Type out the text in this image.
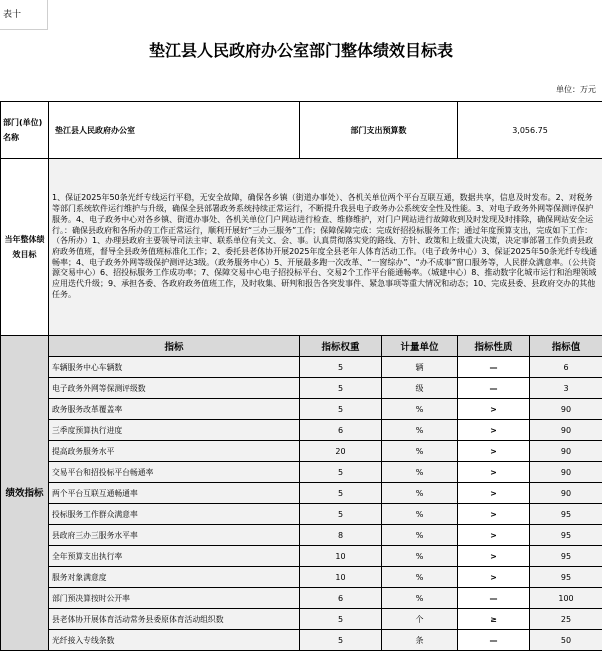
表十
垫江县人民政府办公室部门整体绩效目标表
单位：万元
部门(单位)名称	垫江县人民政府办公室	部门支出预算数		3,056.75	
当年整体绩效目标	1、保证2025年50条光纤专线运行平稳，无安全故障，确保各乡镇（街道办事处）、各机关单位两个平台互联互通，数据共享，信息及时发布。2、对税务等部门系统软件运行维护与升级，确保全县部署政务系统持续正常运行，不断提升我县电子政务办公系统安全性及性能。3、对电子政务外网等保测评保护服务。4、电子政务中心对各乡镇、街道办事处、各机关单位门户网站进行检查、维修维护，对门户网站进行故障收到及时发现及时排除，确保网站安全运行。：确保县政府和各所办的工作正常运行，顺利开展好“三办三服务”工作；保障保障完成：完成好招投标服务工作；通过年度预算支出，完成如下工作：（各所办）1、办理县政府主要领导司法主审、联系单位有关文、会、事。认真贯彻落实党的路线、方针、政策和上级重大决策，决定事部署工作负责县政府政务值班，督导全县政务值班标准化工作；2、委托县老体协开展2025年度全县老年人体育活动工作。（电子政务中心）3、保证2025年50条光纤专线通畅率；4、电子政务外网等级保护测评达3级。（政务服务中心）5、开展最多跑一次改革、“一窗综办”、“办不成事”窗口服务等，人民群众满意率。（公共资源交易中心）6、招投标服务工作成功率；7、保障交易中心电子招投标平台、交易2个工作平台能通畅率。（城建中心）8、推动数字化城市运行和治理领域应用迭代升级；9、承担各委、各政府政务值班工作，及时收集、研判和报告各突发事件、紧急事项等重大情况和动态；10、完成县委、县政府交办的其他任务。				
绩效指标	指标	指标权重	计量单位	指标性质	指标值
	车辆服务中心车辆数	5	辆	—	6
	电子政务外网等保测评级数	5	级	—	3
	政务服务改革覆盖率	5	%	>	90
	三季度预算执行进度	6	%	>	90
	提高政务服务水平	20	%	>	90
	交易平台和招投标平台畅通率	5	%	>	90
	两个平台互联互通畅通率	5	%	>	90
	投标服务工作群众满意率	5	%	>	95
	县政府三办三服务水平率	8	%	>	95
	全年预算支出执行率	10	%	>	95
	服务对象满意度	10	%	>	95
	部门预决算按时公开率	6	%	—	100
	县老体协开展体育活动常务县委原体育活动组织数	5	个	≥	25
	光纤接入专线条数	5	条	—	50
